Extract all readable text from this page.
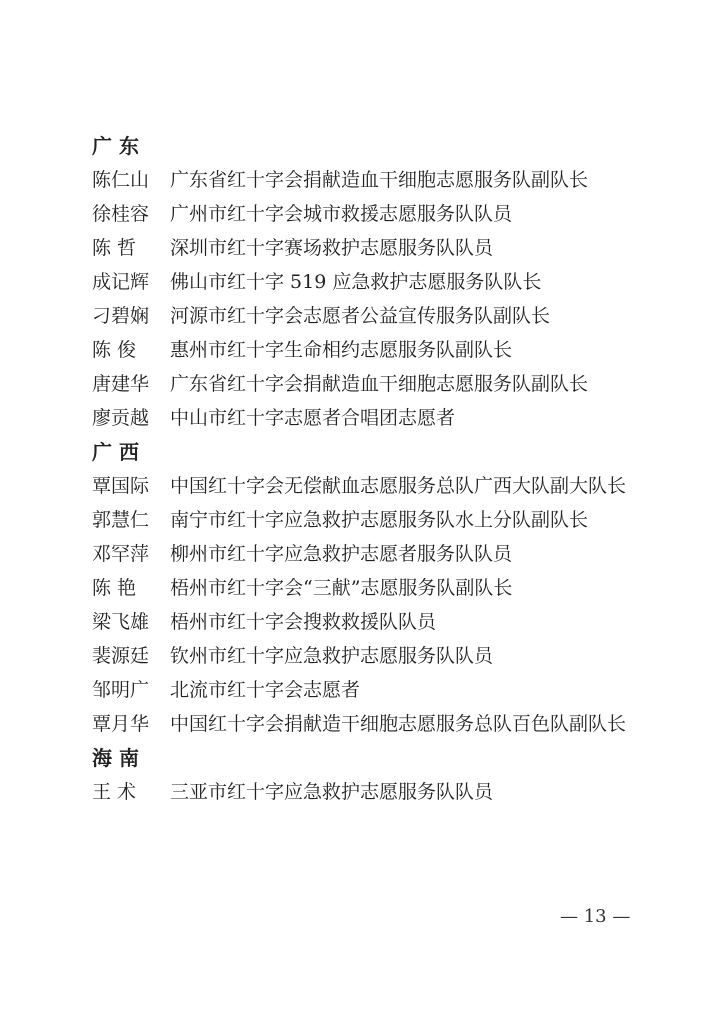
广 东
陈仁山	广东省红十字会捐献造血干细胞志愿服务队副队长
徐桂容	广州市红十字会城市救援志愿服务队队员
陈 哲	深圳市红十字赛场救护志愿服务队队员
成记辉	佛山市红十字 519 应急救护志愿服务队队长
刁碧娴	河源市红十字会志愿者公益宣传服务队副队长
陈 俊	惠州市红十字生命相约志愿服务队副队长
唐建华	广东省红十字会捐献造血干细胞志愿服务队副队长
廖贡越	中山市红十字志愿者合唱团志愿者
广 西
覃国际	中国红十字会无偿献血志愿服务总队广西大队副大队长
郭慧仁	南宁市红十字应急救护志愿服务队水上分队副队长
邓罕萍	柳州市红十字应急救护志愿者服务队队员
陈 艳	梧州市红十字会“三献”志愿服务队副队长
梁飞雄	梧州市红十字会搜救救援队队员
裴源廷	钦州市红十字应急救护志愿服务队队员
邹明广	北流市红十字会志愿者
覃月华	中国红十字会捐献造干细胞志愿服务总队百色队副队长
海 南
王 术	三亚市红十字应急救护志愿服务队队员
— 13 —
